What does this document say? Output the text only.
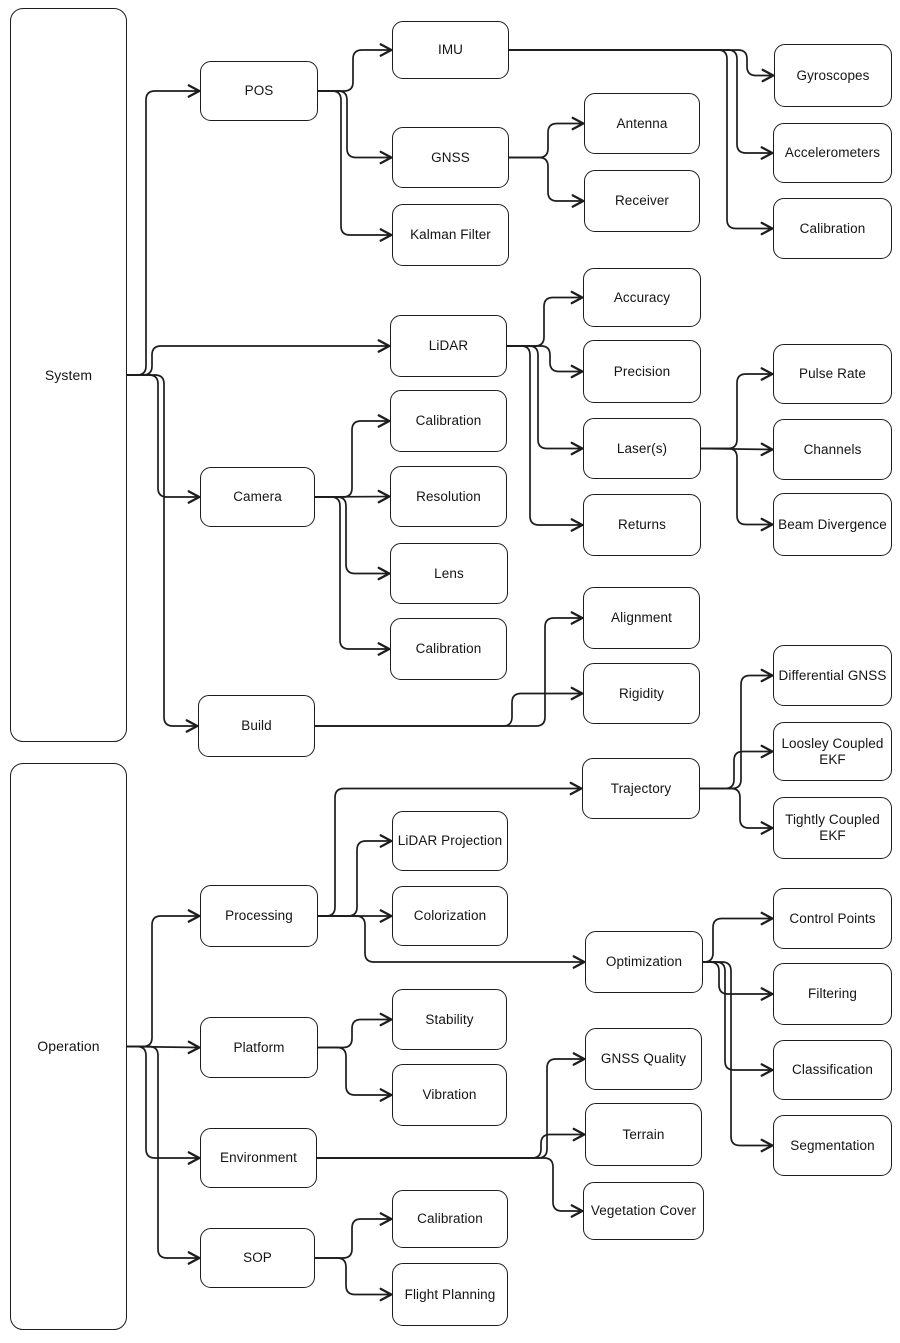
System
Operation
POS
Camera
Build
Processing
Platform
Environment
SOP
IMU
GNSS
Kalman Filter
LiDAR
Calibration
Resolution
Lens
Calibration
LiDAR Projection
Colorization
Stability
Vibration
Calibration
Flight Planning
Antenna
Receiver
Accuracy
Precision
Laser(s)
Returns
Alignment
Rigidity
Trajectory
Optimization
GNSS Quality
Terrain
Vegetation Cover
Gyroscopes
Accelerometers
Calibration
Pulse Rate
Channels
Beam Divergence
Differential GNSS
Loosley Coupled EKF
Tightly Coupled EKF
Control Points
Filtering
Classification
Segmentation
